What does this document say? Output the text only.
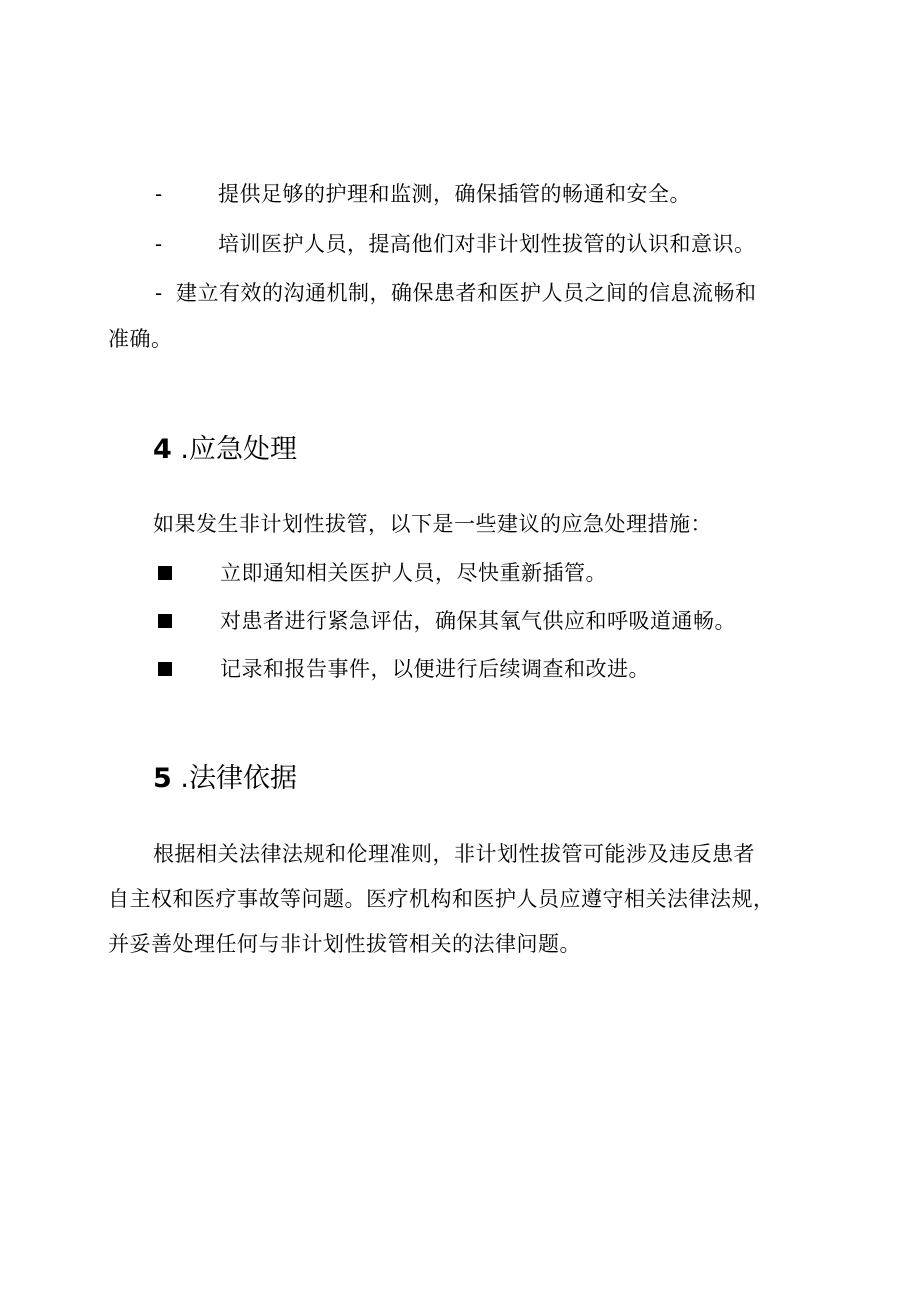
-	提供足够的护理和监测，确保插管的畅通和安全。
-	培训医护人员，提高他们对非计划性拔管的认识和意识。
- 建立有效的沟通机制，确保患者和医护人员之间的信息流畅和
准确。
4 .应急处理
如果发生非计划性拔管，以下是一些建议的应急处理措施：
立即通知相关医护人员，尽快重新插管。
对患者进行紧急评估，确保其氧气供应和呼吸道通畅。
记录和报告事件，以便进行后续调查和改进。
5 .法律依据
根据相关法律法规和伦理准则，非计划性拔管可能涉及违反患者
自主权和医疗事故等问题。医疗机构和医护人员应遵守相关法律法规，
并妥善处理任何与非计划性拔管相关的法律问题。
